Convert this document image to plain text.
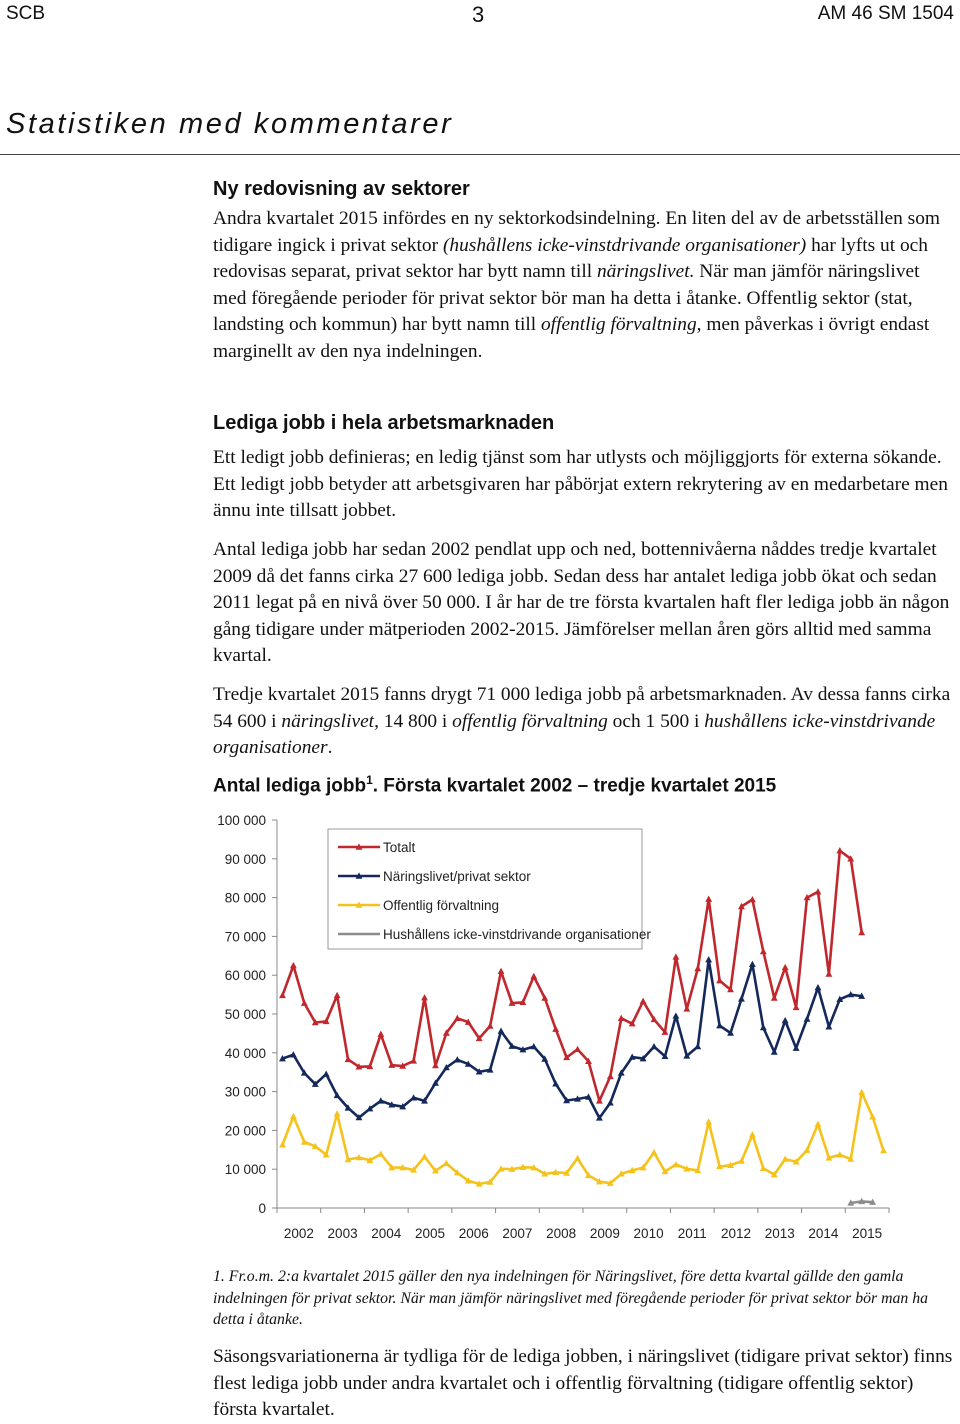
SCB	3	AM 46 SM 1504
Statistiken med kommentarer
Ny redovisning av sektorer

Andra kvartalet 2015 infördes en ny sektorkodsindelning. En liten del av de arbetsställen som tidigare ingick i privat sektor (hushållens icke-vinstdrivande organisationer) har lyfts ut och redovisas separat, privat sektor har bytt namn till näringslivet. När man jämför näringslivet med föregående perioder för privat sektor bör man ha detta i åtanke. Offentlig sektor (stat, landsting och kommun) har bytt namn till offentlig förvaltning, men påverkas i övrigt endast marginellt av den nya indelningen.

Lediga jobb i hela arbetsmarknaden

Ett ledigt jobb definieras; en ledig tjänst som har utlysts och möjliggjorts för externa sökande. Ett ledigt jobb betyder att arbetsgivaren har påbörjat extern rekrytering av en medarbetare men ännu inte tillsatt jobbet.

Antal lediga jobb har sedan 2002 pendlat upp och ned, bottennivåerna nåddes tredje kvartalet 2009 då det fanns cirka 27 600 lediga jobb. Sedan dess har antalet lediga jobb ökat och sedan 2011 legat på en nivå över 50 000. I år har de tre första kvartalen haft fler lediga jobb än någon gång tidigare under mätperioden 2002-2015. Jämförelser mellan åren görs alltid med samma kvartal.

Tredje kvartalet 2015 fanns drygt 71 000 lediga jobb på arbetsmarknaden. Av dessa fanns cirka 54 600 i näringslivet, 14 800 i offentlig förvaltning och 1 500 i hushållens icke-vinstdrivande organisationer.

Antal lediga jobb$^1$. Första kvartalet 2002 – tredje kvartalet 2015
0
10 000
20 000
30 000
40 000
50 000
60 000
70 000
80 000
90 000
100 000
2002 2003 2004 2005 2006 2007 2008 2009 2010 2011 2012 2013 2014 2015
Totalt
Näringslivet/privat sektor
Offentlig förvaltning
Hushållens icke-vinstdrivande organisationer
1. Fr.o.m. 2:a kvartalet 2015 gäller den nya indelningen för Näringslivet, före detta kvartal gällde den gamla indelningen för privat sektor. När man jämför näringslivet med föregående perioder för privat sektor bör man ha detta i åtanke.
Säsongsvariationerna är tydliga för de lediga jobben, i näringslivet (tidigare privat sektor) finns flest lediga jobb under andra kvartalet och i offentlig förvaltning (tidigare offentlig sektor) första kvartalet.
